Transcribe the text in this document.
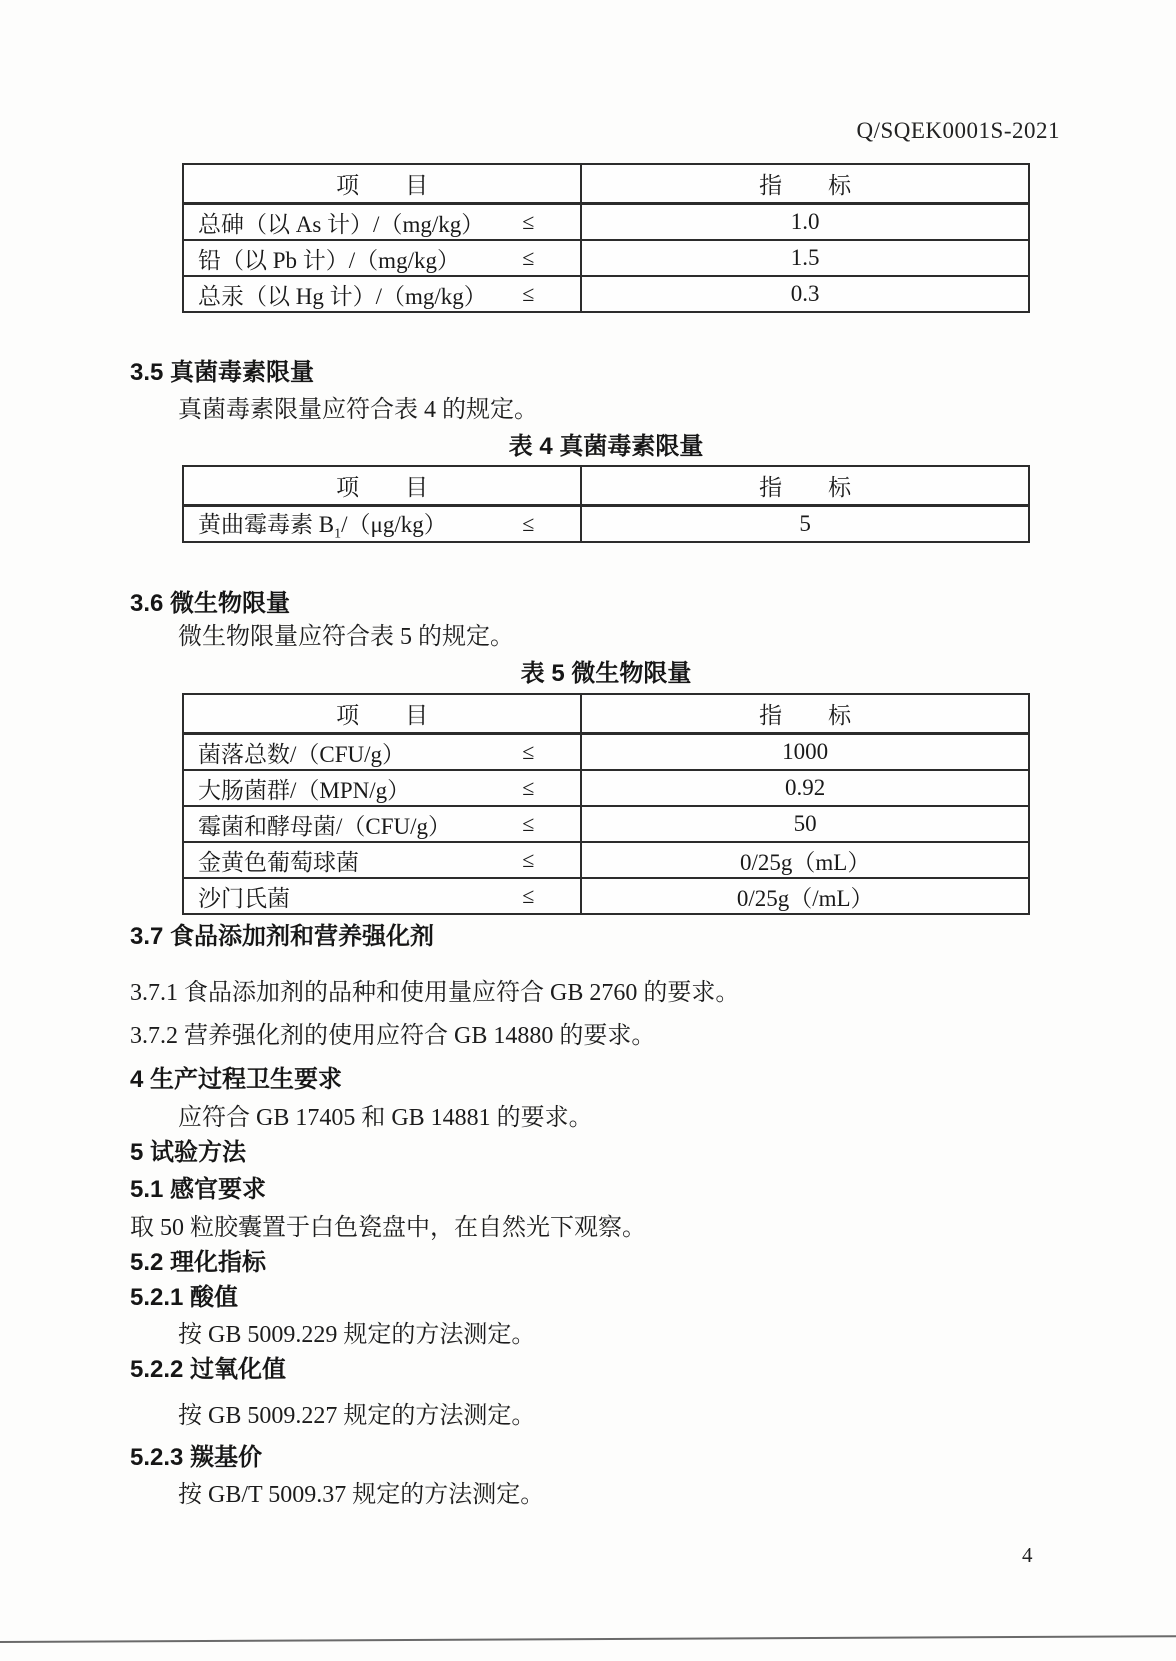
Q/SQEK0001S-2021
项　　目	指　　标
总砷（以 As 计）/（mg/kg） ≤	1.0
铅（以 Pb 计）/（mg/kg）	≤	1.5
总汞（以 Hg 计）/（mg/kg） ≤	0.3
3.5 真菌毒素限量
真菌毒素限量应符合表 4 的规定。
表 4 真菌毒素限量
项　　目	指　　标
黄曲霉毒素 $B_1/(\mu g/kg)$	≤	5
3.6 微生物限量
微生物限量应符合表 5 的规定。
表 5 微生物限量
项　　目	指　　标
菌落总数/（CFU/g）	≤	1000
大肠菌群/（MPN/g）	≤	0.92
霉菌和酵母菌/（CFU/g）	≤	50
金黄色葡萄球菌	≤	0/25g（mL）
沙门氏菌	≤	0/25g（/mL）
3.7 食品添加剂和营养强化剂
3.7.1 食品添加剂的品种和使用量应符合 GB 2760 的要求。
3.7.2 营养强化剂的使用应符合 GB 14880 的要求。
4 生产过程卫生要求
应符合 GB 17405 和 GB 14881 的要求。
5 试验方法
5.1 感官要求
取 50 粒胶囊置于白色瓷盘中，在自然光下观察。
5.2 理化指标
5.2.1 酸值
按 GB 5009.229 规定的方法测定。
5.2.2 过氧化值
按 GB 5009.227 规定的方法测定。
5.2.3 羰基价
按 GB/T 5009.37 规定的方法测定。
4
